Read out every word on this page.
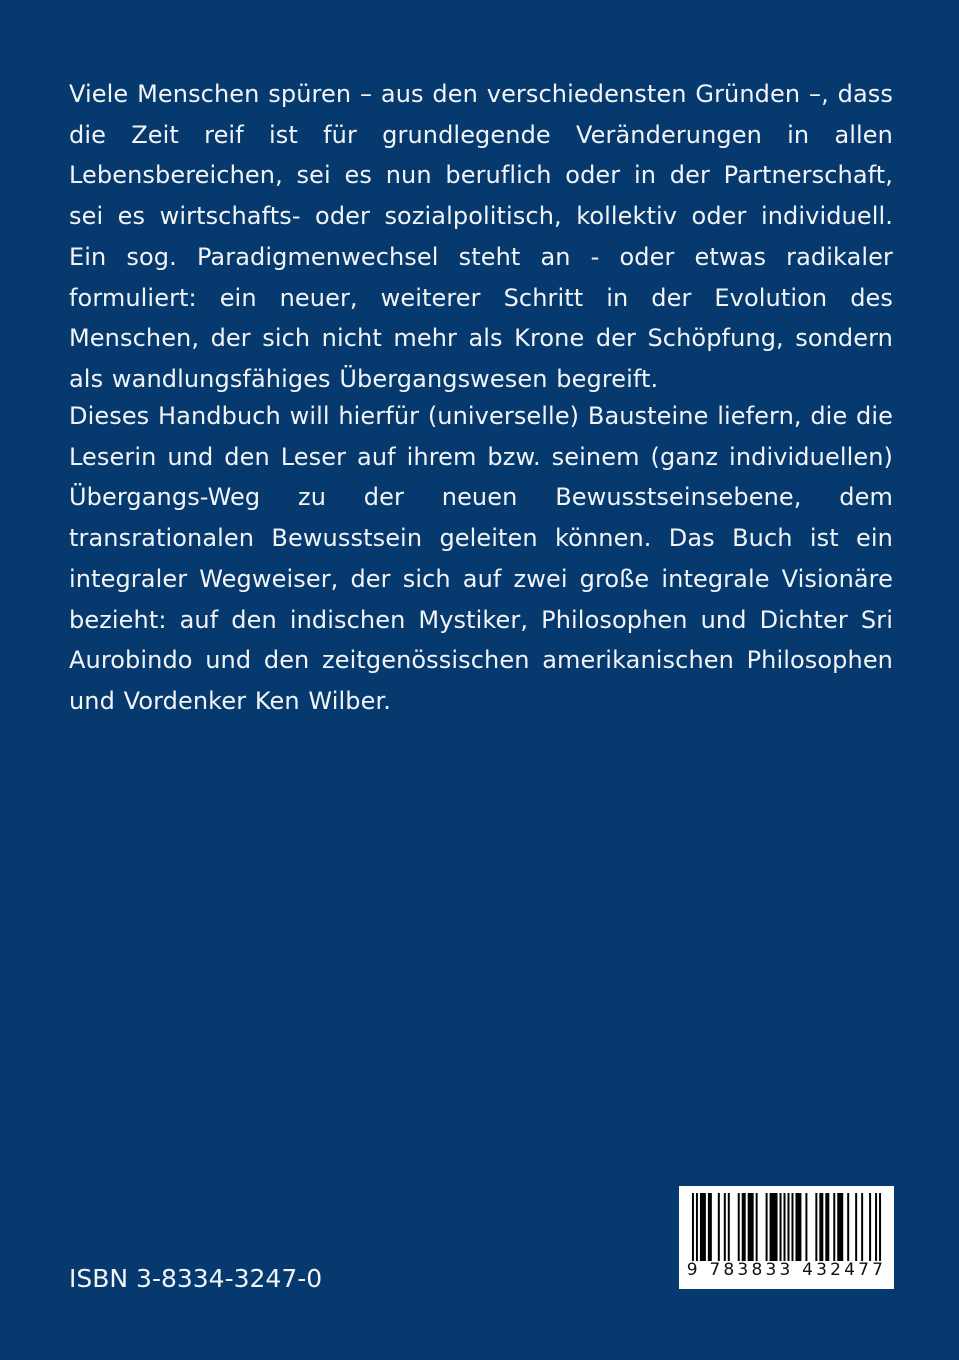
Viele Menschen spüren – aus den verschiedensten Gründen –, dass die Zeit reif ist für grundlegende Veränderungen in allen Lebensbereichen, sei es nun beruflich oder in der Partnerschaft, sei es wirtschafts- oder sozialpolitisch, kollektiv oder individuell. Ein sog. Paradigmenwechsel steht an - oder etwas radikaler formuliert: ein neuer, weiterer Schritt in der Evolution des Menschen, der sich nicht mehr als Krone der Schöpfung, sondern als wandlungsfähiges Übergangswesen begreift.

Dieses Handbuch will hierfür (universelle) Bausteine liefern, die die Leserin und den Leser auf ihrem bzw. seinem (ganz individuellen) Übergangs-Weg zu der neuen Bewusstseinsebene, dem transrationalen Bewusstsein geleiten können. Das Buch ist ein integraler Wegweiser, der sich auf zwei große integrale Visionäre bezieht: auf den indischen Mystiker, Philosophen und Dichter Sri Aurobindo und den zeitgenössischen amerikanischen Philosophen und Vordenker Ken Wilber.

ISBN 3-8334-3247-0	9 783833 432477
